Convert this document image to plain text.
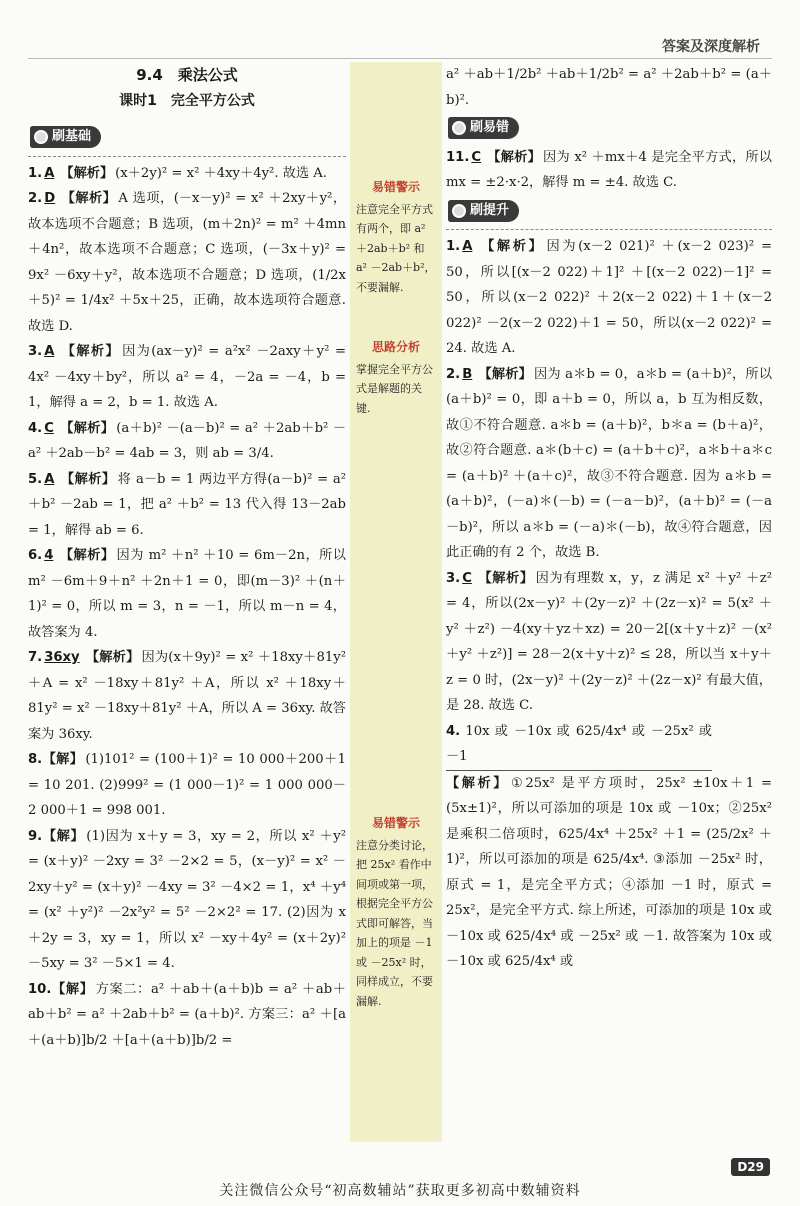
答案及深度解析
9.4　乘法公式
课时1　完全平方公式
刷基础
1. A 【解析】 (x＋2y)² = x² ＋4xy＋4y². 故选 A.
2. D 【解析】 A 选项，(－x－y)² = x² ＋2xy＋y²，故本选项不合题意；B 选项，(m＋2n)² = m² ＋4mn ＋4n²，故本选项不合题意；C 选项，(－3x＋y)² = 9x² －6xy＋y²，故本选项不合题意；D 选项，(1/2x＋5)² = 1/4x² ＋5x＋25，正确，故本选项符合题意. 故选 D.
3. A 【解析】 因为(ax－y)² = a²x² －2axy＋y² = 4x² －4xy＋by²，所以 a² = 4，－2a = －4，b = 1，解得 a = 2，b = 1. 故选 A.
4. C 【解析】 (a＋b)² －(a－b)² = a² ＋2ab＋b² －a² ＋2ab－b² = 4ab = 3，则 ab = 3/4.
5. A 【解析】 将 a－b = 1 两边平方得(a－b)² = a² ＋b² －2ab = 1，把 a² ＋b² = 13 代入得 13－2ab = 1，解得 ab = 6.
6. 4 【解析】 因为 m² ＋n² ＋10 = 6m－2n，所以 m² －6m＋9＋n² ＋2n＋1 = 0，即(m－3)² ＋(n＋1)² = 0，所以 m = 3，n = －1，所以 m－n = 4，故答案为 4.
7. 36xy 【解析】 因为(x＋9y)² = x² ＋18xy＋81y² ＋A = x² －18xy＋81y² ＋A，所以 x² ＋18xy＋81y² = x² －18xy＋81y² ＋A，所以 A = 36xy. 故答案为 36xy.
8.【解】 (1)101² = (100＋1)² = 10 000＋200＋1 = 10 201. (2)999² = (1 000－1)² = 1 000 000－2 000＋1 = 998 001.
9.【解】 (1)因为 x＋y = 3，xy = 2，所以 x² ＋y² = (x＋y)² －2xy = 3² －2×2 = 5，(x－y)² = x² －2xy＋y² = (x＋y)² －4xy = 3² －4×2 = 1，x⁴ ＋y⁴ = (x² ＋y²)² －2x²y² = 5² －2×2² = 17. (2)因为 x＋2y = 3，xy = 1，所以 x² －xy＋4y² = (x＋2y)² －5xy = 3² －5×1 = 4.
10.【解】 方案二：a² ＋ab＋(a＋b)b = a² ＋ab＋ab＋b² = a² ＋2ab＋b² = (a＋b)². 方案三：a² ＋[a＋(a＋b)]b/2 ＋[a＋(a＋b)]b/2 =
易错警示
注意完全平方式有两个，即 a² ＋2ab＋b² 和 a² －2ab＋b²，不要漏解.
思路分析
掌握完全平方公式是解题的关键.
易错警示
注意分类讨论，把 25x² 看作中间项或第一项，根据完全平方公式即可解答，当加上的项是 －1 或 －25x² 时，同样成立，不要漏解.
a² ＋ab＋1/2b² ＋ab＋1/2b² = a² ＋2ab＋b² = (a＋b)².
刷易错
11. C 【解析】 因为 x² ＋mx＋4 是完全平方式，所以 mx = ±2·x·2，解得 m = ±4. 故选 C.
刷提升
1. A 【解析】 因为(x－2 021)² ＋(x－2 023)² = 50，所以[(x－2 022)＋1]² ＋[(x－2 022)－1]² = 50，所以(x－2 022)² ＋2(x－2 022)＋1＋(x－2 022)² －2(x－2 022)＋1 = 50，所以(x－2 022)² = 24. 故选 A.
2. B 【解析】 因为 a＊b = 0，a＊b = (a＋b)²，所以(a＋b)² = 0，即 a＋b = 0，所以 a，b 互为相反数，故①不符合题意. a＊b = (a＋b)²，b＊a = (b＋a)²，故②符合题意. a＊(b＋c) = (a＋b＋c)²，a＊b＋a＊c = (a＋b)² ＋(a＋c)²，故③不符合题意. 因为 a＊b = (a＋b)²，(－a)＊(－b) = (－a－b)²，(a＋b)² = (－a－b)²，所以 a＊b = (－a)＊(－b)，故④符合题意，因此正确的有 2 个，故选 B.
3. C 【解析】 因为有理数 x，y，z 满足 x² ＋y² ＋z² = 4，所以(2x－y)² ＋(2y－z)² ＋(2z－x)² = 5(x² ＋y² ＋z²) －4(xy＋yz＋xz) = 20－2[(x＋y＋z)² －(x² ＋y² ＋z²)] = 28－2(x＋y＋z)² ≤ 28，所以当 x＋y＋z = 0 时，(2x－y)² ＋(2y－z)² ＋(2z－x)² 有最大值，是 28. 故选 C.
4. 10x 或 －10x 或 625/4x⁴ 或 －25x² 或 －1
【解析】 ①25x² 是平方项时，25x² ±10x＋1 = (5x±1)²，所以可添加的项是 10x 或 －10x；②25x² 是乘积二倍项时，625/4x⁴ ＋25x² ＋1 = (25/2x² ＋1)²，所以可添加的项是 625/4x⁴. ③添加 －25x² 时，原式 = 1，是完全平方式；④添加 －1 时，原式 = 25x²，是完全平方式. 综上所述，可添加的项是 10x 或 －10x 或 625/4x⁴ 或 －25x² 或 －1. 故答案为 10x 或 －10x 或 625/4x⁴ 或
D29
关注微信公众号“初高数辅站”获取更多初高中数辅资料
